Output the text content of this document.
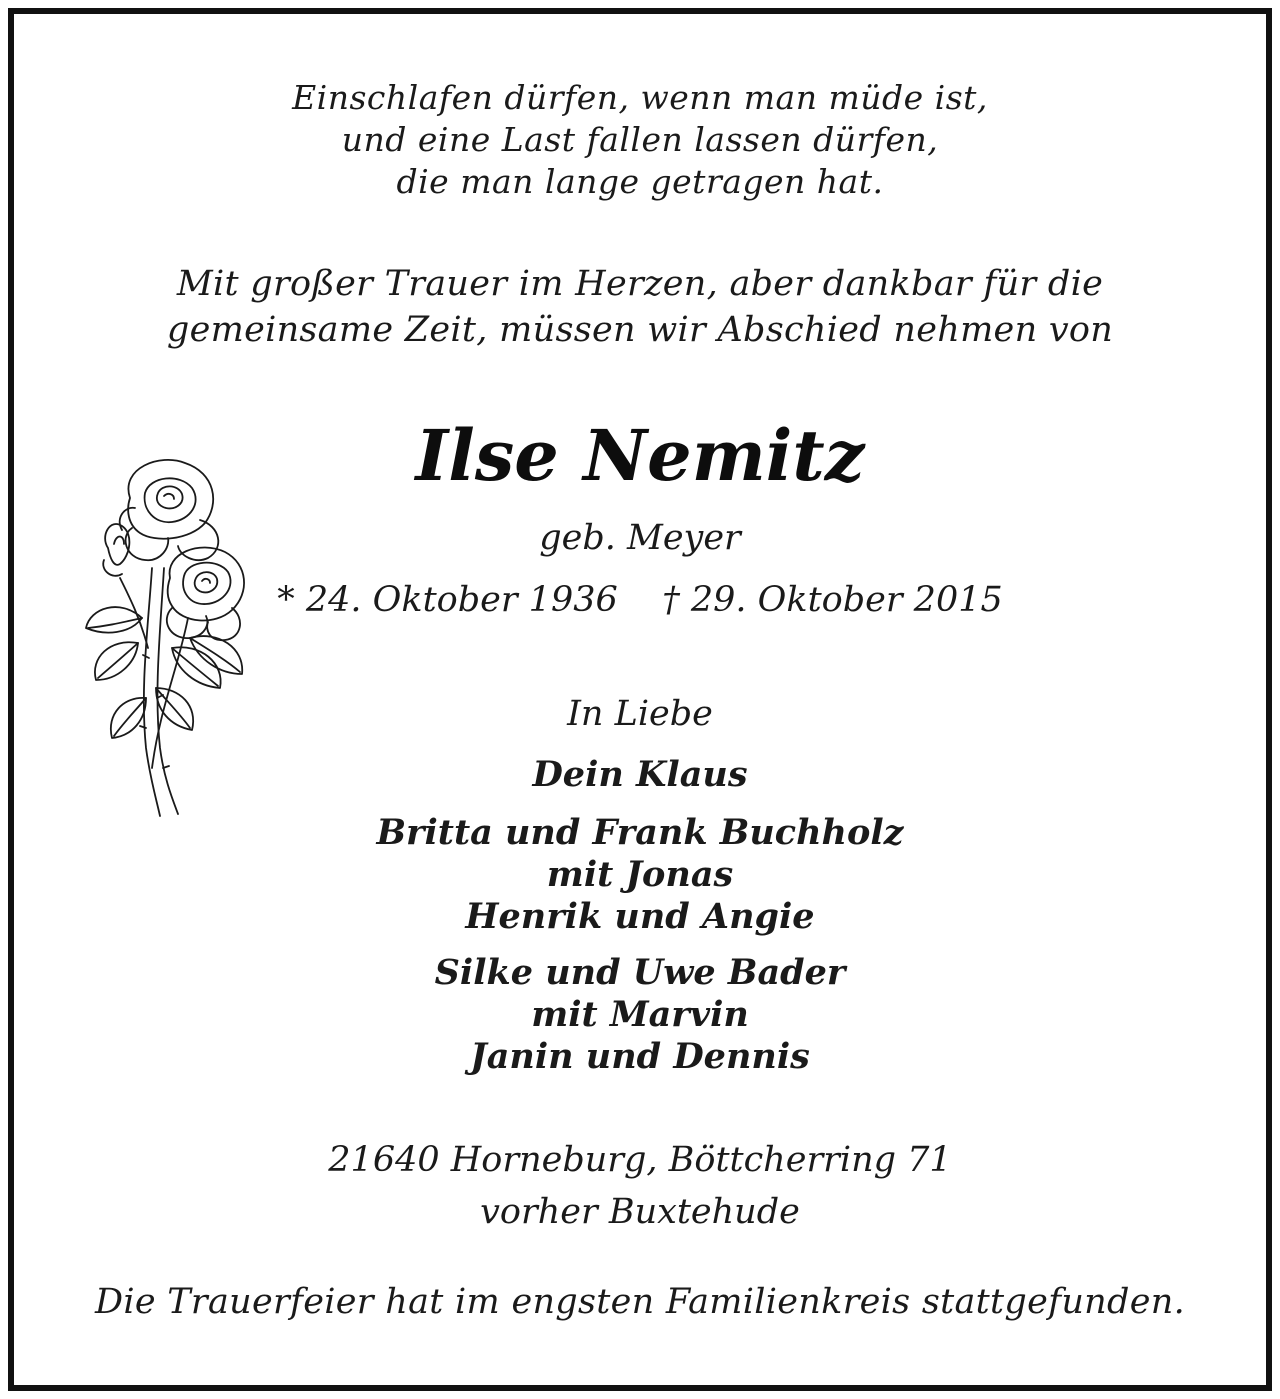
Einschlafen dürfen, wenn man müde ist,
und eine Last fallen lassen dürfen,
die man lange getragen hat.
Mit großer Trauer im Herzen, aber dankbar für die
gemeinsame Zeit, müssen wir Abschied nehmen von
Ilse Nemitz
geb. Meyer
* 24. Oktober 1936    † 29. Oktober 2015
In Liebe
Dein Klaus
Britta und Frank Buchholz
mit Jonas
Henrik und Angie
Silke und Uwe Bader
mit Marvin
Janin und Dennis
21640 Horneburg, Böttcherring 71
vorher Buxtehude
Die Trauerfeier hat im engsten Familienkreis stattgefunden.
